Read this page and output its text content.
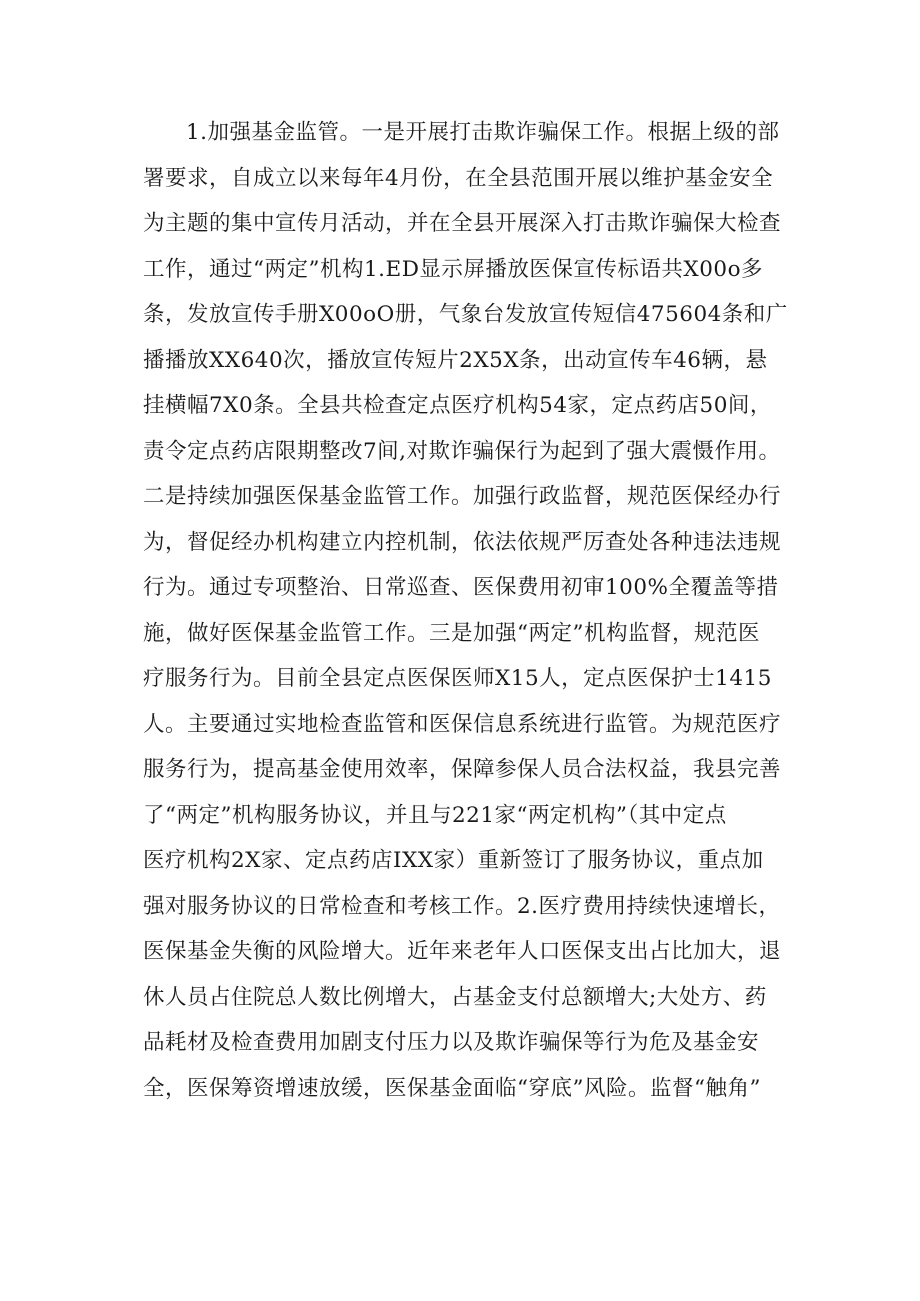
1.加强基金监管。一是开展打击欺诈骗保工作。根据上级的部
署要求，自成立以来每年4月份，在全县范围开展以维护基金安全
为主题的集中宣传月活动，并在全县开展深入打击欺诈骗保大检查
工作，通过“两定”机构1.ED显示屏播放医保宣传标语共X00o多
条，发放宣传手册X00oO册，气象台发放宣传短信475604条和广
播播放XX640次，播放宣传短片2X5X条，出动宣传车46辆，悬
挂横幅7X0条。全县共检查定点医疗机构54家，定点药店50间，
责令定点药店限期整改7间,对欺诈骗保行为起到了强大震慑作用。
二是持续加强医保基金监管工作。加强行政监督，规范医保经办行
为，督促经办机构建立内控机制，依法依规严厉查处各种违法违规
行为。通过专项整治、日常巡查、医保费用初审100%全覆盖等措
施，做好医保基金监管工作。三是加强“两定”机构监督，规范医
疗服务行为。目前全县定点医保医师X15人，定点医保护士1415
人。主要通过实地检查监管和医保信息系统进行监管。为规范医疗
服务行为，提高基金使用效率，保障参保人员合法权益，我县完善
了“两定”机构服务协议，并且与221家“两定机构”（其中定点
医疗机构2X家、定点药店IXX家）重新签订了服务协议，重点加
强对服务协议的日常检查和考核工作。2.医疗费用持续快速增长，
医保基金失衡的风险增大。近年来老年人口医保支出占比加大，退
休人员占住院总人数比例增大，占基金支付总额增大;大处方、药
品耗材及检查费用加剧支付压力以及欺诈骗保等行为危及基金安
全，医保筹资增速放缓，医保基金面临“穿底”风险。监督“触角”
